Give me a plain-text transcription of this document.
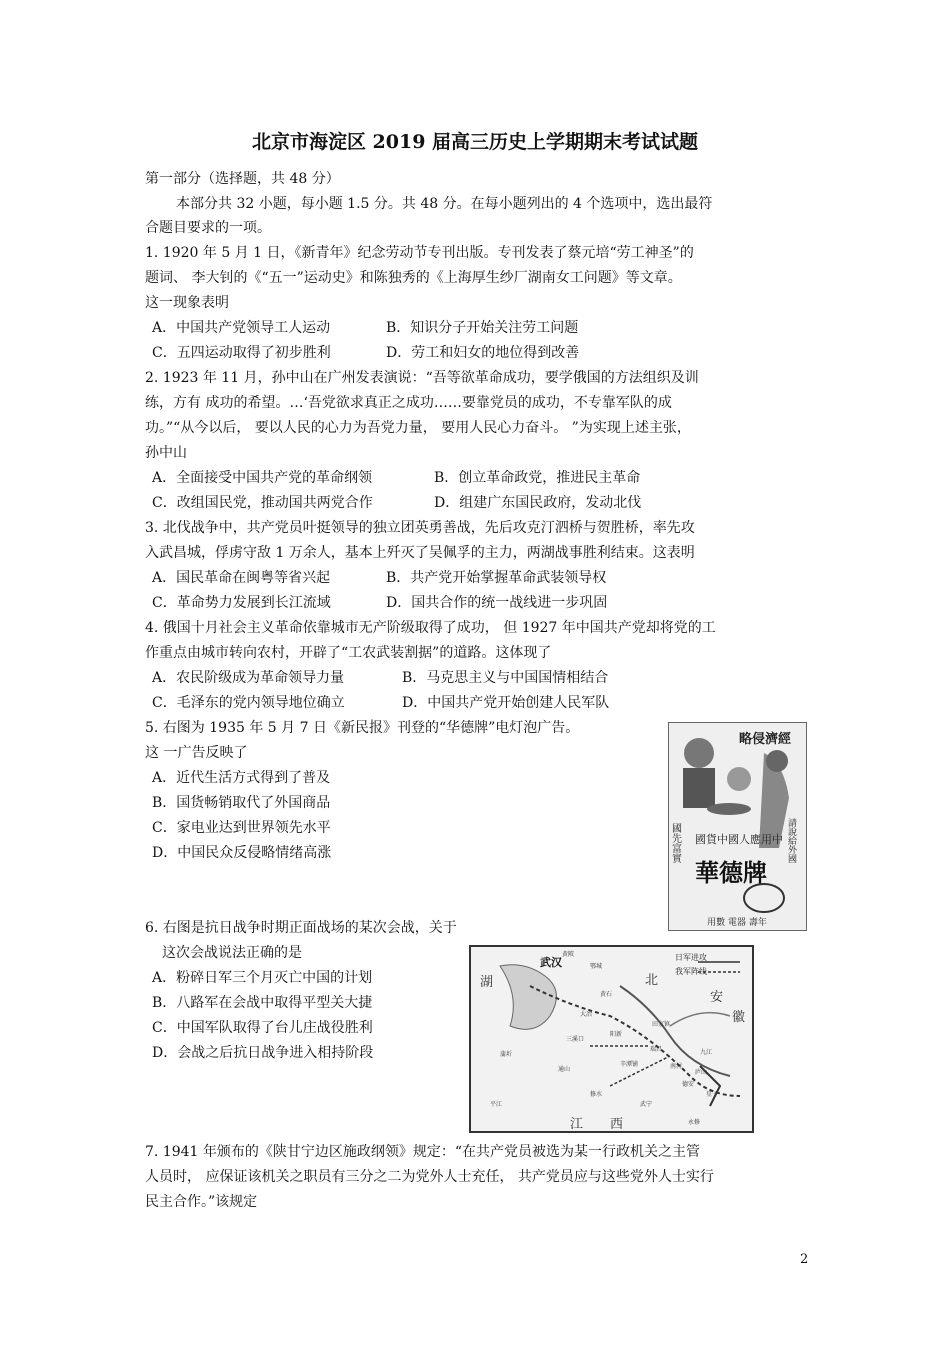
北京市海淀区 2019 届高三历史上学期期末考试试题
第一部分（选择题，共 48 分）
本部分共 32 小题，每小题 1.5 分。共 48 分。在每小题列出的 4 个选项中，选出最符
合题目要求的一项。
1. 1920 年 5 月 1 日，《新青年》纪念劳动节专刊出版。专刊发表了蔡元培“劳工神圣”的
题词、 李大钊的《“五一”运动史》和陈独秀的《上海厚生纱厂湖南女工问题》等文章。
这一现象表明
A．中国共产党领导工人运动	B．知识分子开始关注劳工问题
C．五四运动取得了初步胜利	D．劳工和妇女的地位得到改善
2. 1923 年 11 月，孙中山在广州发表演说：“吾等欲革命成功，要学俄国的方法组织及训
练，方有 成功的希望。…‘吾党欲求真正之成功……要靠党员的成功，不专靠军队的成
功。”“从今以后， 要以人民的心力为吾党力量， 要用人民心力奋斗。 ”为实现上述主张，
孙中山
A．全面接受中国共产党的革命纲领	B．创立革命政党，推进民主革命
C．改组国民党，推动国共两党合作	D．组建广东国民政府，发动北伐
3. 北伐战争中，共产党员叶挺领导的独立团英勇善战，先后攻克汀泗桥与贺胜桥，率先攻
入武昌城，俘虏守敌 1 万余人，基本上歼灭了吴佩孚的主力，两湖战事胜利结束。这表明
A．国民革命在闽粤等省兴起	B．共产党开始掌握革命武装领导权
C．革命势力发展到长江流域	D．国共合作的统一战线进一步巩固
4. 俄国十月社会主义革命依靠城市无产阶级取得了成功， 但 1927 年中国共产党却将党的工
作重点由城市转向农村，开辟了“工农武装割据”的道路。这体现了
A．农民阶级成为革命领导力量	B．马克思主义与中国国情相结合
C．毛泽东的党内领导地位确立	D．中国共产党开始创建人民军队
5. 右图为 1935 年 5 月 7 日《新民报》刊登的“华德牌”电灯泡广告。
这 一广告反映了
A．近代生活方式得到了普及
B．国货畅销取代了外国商品
C．家电业达到世界领先水平
D．中国民众反侵略情绪高涨
略侵濟經
國先富實	請說給外國
國貨中國人應用中
華德牌
用數 電器 壽年
6. 右图是抗日战争时期正面战场的某次会战，关于
这次会战说法正确的是
A．粉碎日军三个月灭亡中国的计划
B．八路军在会战中取得平型关大捷
C．中国军队取得了台儿庄战役胜利
D．会战之后抗日战争进入相持阶段
日军进攻
我军阵线
武汉
湖	北
安
徽
江 西
黄陂
鄂城
黄石
大冶
阳新
三溪口
瑞昌
星子
德安
永修
武宁
九江
庐山
南浔
田家镇
蒲圻
通山
平江
修水
辛潭铺
7. 1941 年颁布的《陕甘宁边区施政纲领》规定：“在共产党员被选为某一行政机关之主管
人员时， 应保证该机关之职员有三分之二为党外人士充任， 共产党员应与这些党外人士实行
民主合作。”该规定
2
